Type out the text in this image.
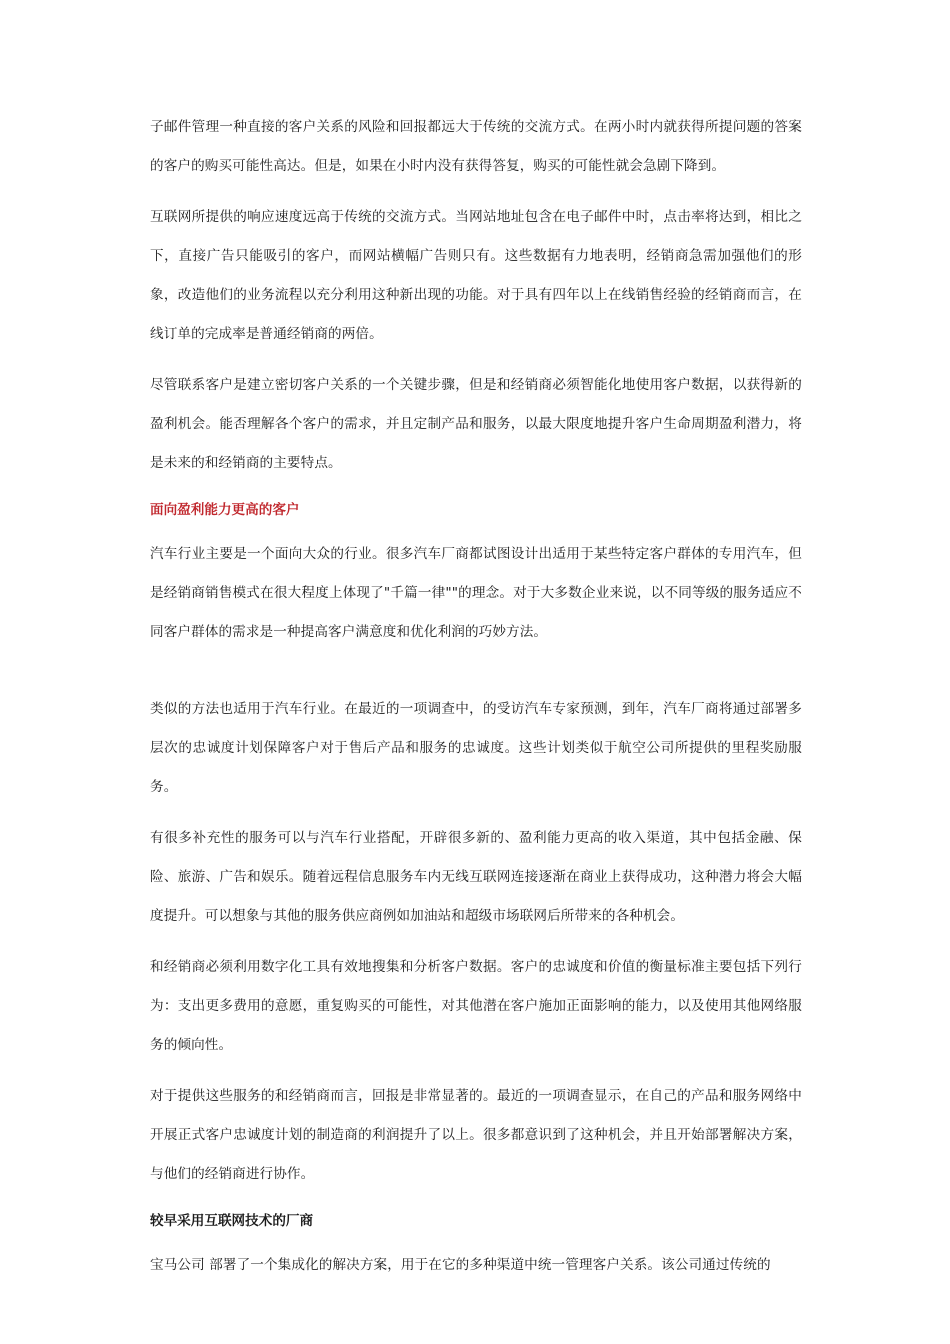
子邮件管理一种直接的客户关系的风险和回报都远大于传统的交流方式。在两小时内就获得所提问题的答案的客户的购买可能性高达。但是，如果在小时内没有获得答复，购买的可能性就会急剧下降到。

互联网所提供的响应速度远高于传统的交流方式。当网站地址包含在电子邮件中时，点击率将达到，相比之下，直接广告只能吸引的客户，而网站横幅广告则只有。这些数据有力地表明，经销商急需加强他们的形象，改造他们的业务流程以充分利用这种新出现的功能。对于具有四年以上在线销售经验的经销商而言，在线订单的完成率是普通经销商的两倍。

尽管联系客户是建立密切客户关系的一个关键步骤，但是和经销商必须智能化地使用客户数据，以获得新的盈利机会。能否理解各个客户的需求，并且定制产品和服务，以最大限度地提升客户生命周期盈利潜力，将是未来的和经销商的主要特点。

面向盈利能力更高的客户

汽车行业主要是一个面向大众的行业。很多汽车厂商都试图设计出适用于某些特定客户群体的专用汽车，但是经销商销售模式在很大程度上体现了"千篇一律""的理念。对于大多数企业来说，以不同等级的服务适应不同客户群体的需求是一种提高客户满意度和优化利润的巧妙方法。

类似的方法也适用于汽车行业。在最近的一项调查中，的受访汽车专家预测，到年，汽车厂商将通过部署多层次的忠诚度计划保障客户对于售后产品和服务的忠诚度。这些计划类似于航空公司所提供的里程奖励服务。

有很多补充性的服务可以与汽车行业搭配，开辟很多新的、盈利能力更高的收入渠道，其中包括金融、保险、旅游、广告和娱乐。随着远程信息服务车内无线互联网连接逐渐在商业上获得成功，这种潜力将会大幅度提升。可以想象与其他的服务供应商例如加油站和超级市场联网后所带来的各种机会。

和经销商必须利用数字化工具有效地搜集和分析客户数据。客户的忠诚度和价值的衡量标准主要包括下列行为：支出更多费用的意愿，重复购买的可能性，对其他潜在客户施加正面影响的能力，以及使用其他网络服务的倾向性。

对于提供这些服务的和经销商而言，回报是非常显著的。最近的一项调查显示，在自己的产品和服务网络中开展正式客户忠诚度计划的制造商的利润提升了以上。很多都意识到了这种机会，并且开始部署解决方案，与他们的经销商进行协作。

较早采用互联网技术的厂商

宝马公司 部署了一个集成化的解决方案，用于在它的多种渠道中统一管理客户关系。该公司通过传统的
